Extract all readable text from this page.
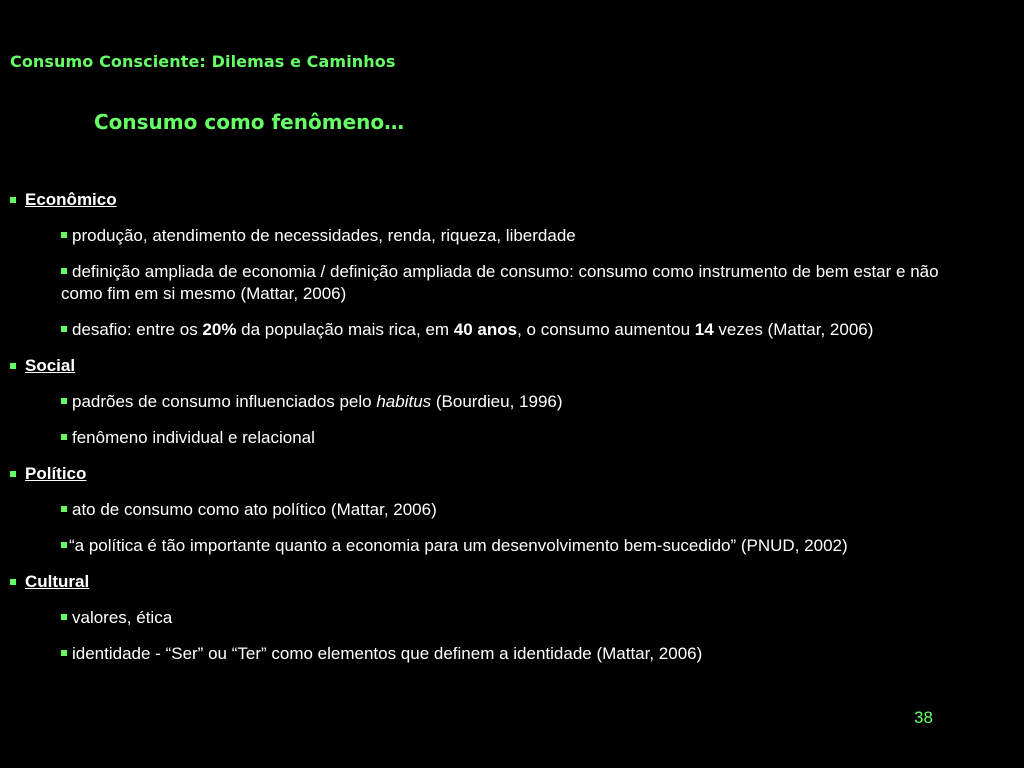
Consumo Consciente: Dilemas e Caminhos
Consumo como fenômeno…
Econômico
produção, atendimento de necessidades, renda, riqueza, liberdade
definição ampliada de economia / definição ampliada de consumo: consumo como instrumento de bem estar e não como fim em si mesmo (Mattar, 2006)
desafio: entre os 20% da população mais rica, em 40 anos, o consumo aumentou 14 vezes (Mattar, 2006)
Social
padrões de consumo influenciados pelo habitus (Bourdieu, 1996)
fenômeno individual e relacional
Político
ato de consumo como ato político (Mattar, 2006)
“a política é tão importante quanto a economia para um desenvolvimento bem-sucedido” (PNUD, 2002)
Cultural
valores, ética
identidade - “Ser” ou “Ter” como elementos que definem a identidade (Mattar, 2006)
38
